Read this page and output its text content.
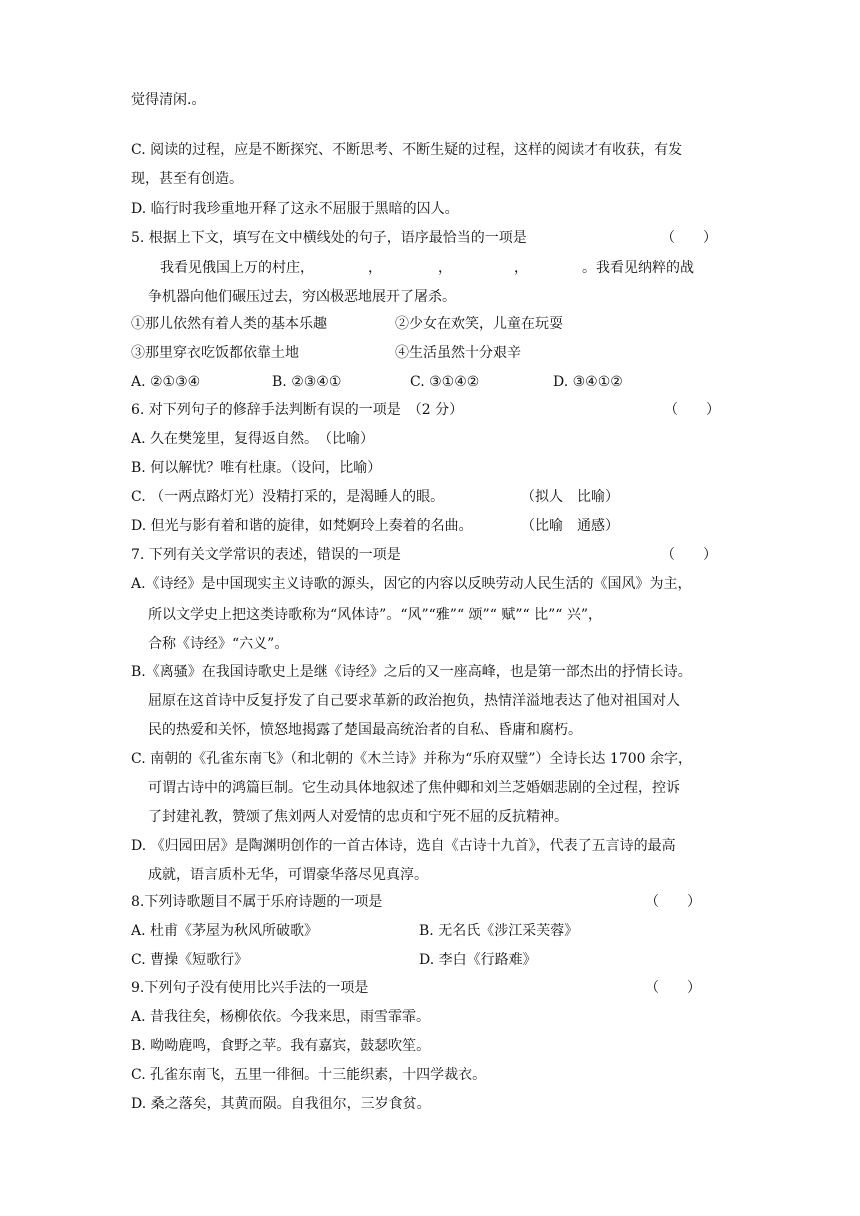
觉得清闲.。
C. 阅读的过程，应是不断探究、不断思考、不断生疑的过程，这样的阅读才有收获，有发
现，甚至有创造。
D. 临行时我珍重地开释了这永不屈服于黑暗的囚人。
5. 根据上下文，填写在文中横线处的句子，语序最恰当的一项是	（　　）
我看见俄国上万的村庄，	，	，	，	。我看见纳粹的战
争机器向他们碾压过去，穷凶极恶地展开了屠杀。
①那儿依然有着人类的基本乐趣	②少女在欢笑，儿童在玩耍
③那里穿衣吃饭都依靠土地	④生活虽然十分艰辛
A. ②①③④	B. ②③④①	C. ③①④②	D. ③④①②
6. 对下列句子的修辞手法判断有误的一项是　（2 分）	（　　）
A. 久在樊笼里，复得返自然。　（比喻）
B. 何以解忧？唯有杜康。（设问，比喻）
C. （一两点路灯光）没精打采的，是渴睡人的眼。	（拟人　比喻）
D. 但光与影有着和谐的旋律，如梵婀玲上奏着的名曲。	（比喻　通感）
7. 下列有关文学常识的表述，错误的一项是	（　　）
A.《诗经》是中国现实主义诗歌的源头，因它的内容以反映劳动人民生活的《国风》为主，
所以文学史上把这类诗歌称为“风体诗”。“风”“雅”“ 颂”“ 赋”“ 比”“ 兴”，
合称《诗经》“六义”。
B.《离骚》在我国诗歌史上是继《诗经》之后的又一座高峰，也是第一部杰出的抒情长诗。
屈原在这首诗中反复抒发了自己要求革新的政治抱负，热情洋溢地表达了他对祖国对人
民的热爱和关怀，愤怒地揭露了楚国最高统治者的自私、昏庸和腐朽。
C. 南朝的《孔雀东南飞》（和北朝的《木兰诗》并称为“乐府双璧”）全诗长达 1700 余字，
可谓古诗中的鸿篇巨制。它生动具体地叙述了焦仲卿和刘兰芝婚姻悲剧的全过程，控诉
了封建礼教，赞颂了焦刘两人对爱情的忠贞和宁死不屈的反抗精神。
D. 《归园田居》是陶渊明创作的一首古体诗，选自《古诗十九首》，代表了五言诗的最高
成就，语言质朴无华，可谓豪华落尽见真淳。
8.下列诗歌题目不属于乐府诗题的一项是	（　　）
A. 杜甫《茅屋为秋风所破歌》	B. 无名氏《涉江采芙蓉》
C. 曹操《短歌行》	D. 李白《行路难》
9.下列句子没有使用比兴手法的一项是	（　　）
A. 昔我往矣，杨柳依依。今我来思，雨雪霏霏。
B. 呦呦鹿鸣，食野之苹。我有嘉宾，鼓瑟吹笙。
C. 孔雀东南飞，五里一徘徊。十三能织素，十四学裁衣。
D. 桑之落矣，其黄而陨。自我徂尔，三岁食贫。
